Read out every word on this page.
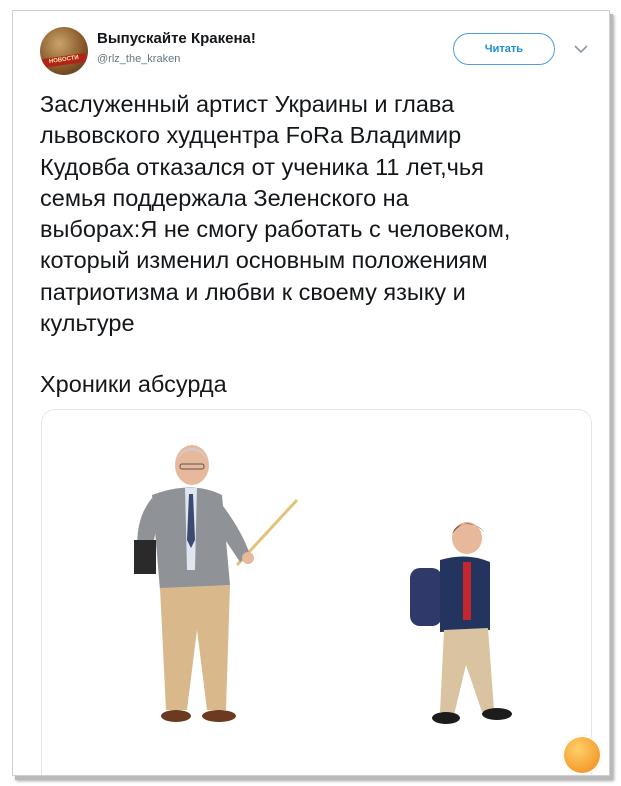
НОВОСТИ
Выпускайте Кракена!
@rlz_the_kraken
Читать
Заслуженный артист Украины и глава
львовского худцентра FoRa Владимир
Кудовба отказался от ученика 11 лет,чья
семья поддержала Зеленского на
выборах:Я не смогу работать с человеком,
который изменил основным положениям
патриотизма и любви к своему языку и
культуре
Хроники абсурда
